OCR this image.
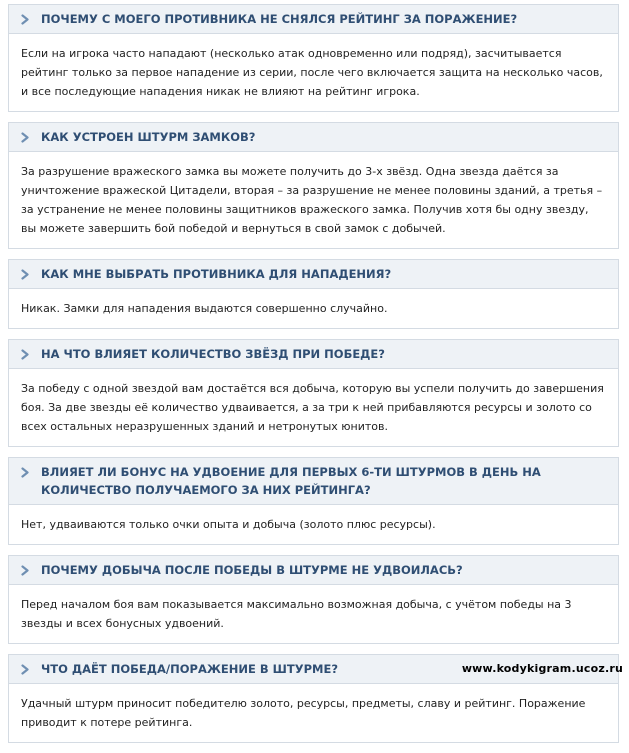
ПОЧЕМУ С МОЕГО ПРОТИВНИКА НЕ СНЯЛСЯ РЕЙТИНГ ЗА ПОРАЖЕНИЕ?
Если на игрока часто нападают (несколько атак одновременно или подряд), засчитывается рейтинг только за первое нападение из серии, после чего включается защита на несколько часов, и все последующие нападения никак не влияют на рейтинг игрока.
КАК УСТРОЕН ШТУРМ ЗАМКОВ?
За разрушение вражеского замка вы можете получить до 3-х звёзд. Одна звезда даётся за уничтожение вражеской Цитадели, вторая – за разрушение не менее половины зданий, а третья – за устранение не менее половины защитников вражеского замка. Получив хотя бы одну звезду, вы можете завершить бой победой и вернуться в свой замок с добычей.
КАК МНЕ ВЫБРАТЬ ПРОТИВНИКА ДЛЯ НАПАДЕНИЯ?
Никак. Замки для нападения выдаются совершенно случайно.
НА ЧТО ВЛИЯЕТ КОЛИЧЕСТВО ЗВЁЗД ПРИ ПОБЕДЕ?
За победу с одной звездой вам достаётся вся добыча, которую вы успели получить до завершения боя. За две звезды её количество удваивается, а за три к ней прибавляются ресурсы и золото со всех остальных неразрушенных зданий и нетронутых юнитов.
ВЛИЯЕТ ЛИ БОНУС НА УДВОЕНИЕ ДЛЯ ПЕРВЫХ 6-ТИ ШТУРМОВ В ДЕНЬ НА КОЛИЧЕСТВО ПОЛУЧАЕМОГО ЗА НИХ РЕЙТИНГА?
Нет, удваиваются только очки опыта и добыча (золото плюс ресурсы).
ПОЧЕМУ ДОБЫЧА ПОСЛЕ ПОБЕДЫ В ШТУРМЕ НЕ УДВОИЛАСЬ?
Перед началом боя вам показывается максимально возможная добыча, с учётом победы на 3 звезды и всех бонусных удвоений.
ЧТО ДАЁТ ПОБЕДА/ПОРАЖЕНИЕ В ШТУРМЕ?
Удачный штурм приносит победителю золото, ресурсы, предметы, славу и рейтинг. Поражение приводит к потере рейтинга.
www.kodykigram.ucoz.ru
